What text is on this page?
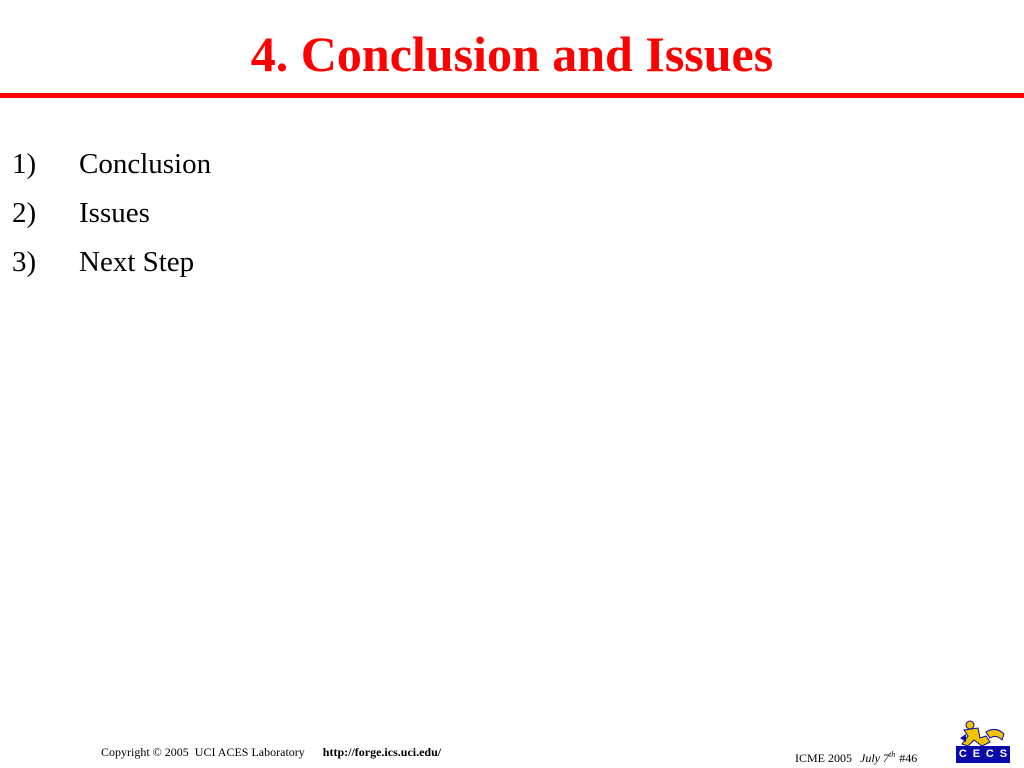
4. Conclusion and Issues
1)	Conclusion
2)	Issues
3)	Next Step
Copyright © 2005  UCI ACES Laboratory http://forge.ics.uci.edu/	ICME 2005 July 7th #46	C E C S
